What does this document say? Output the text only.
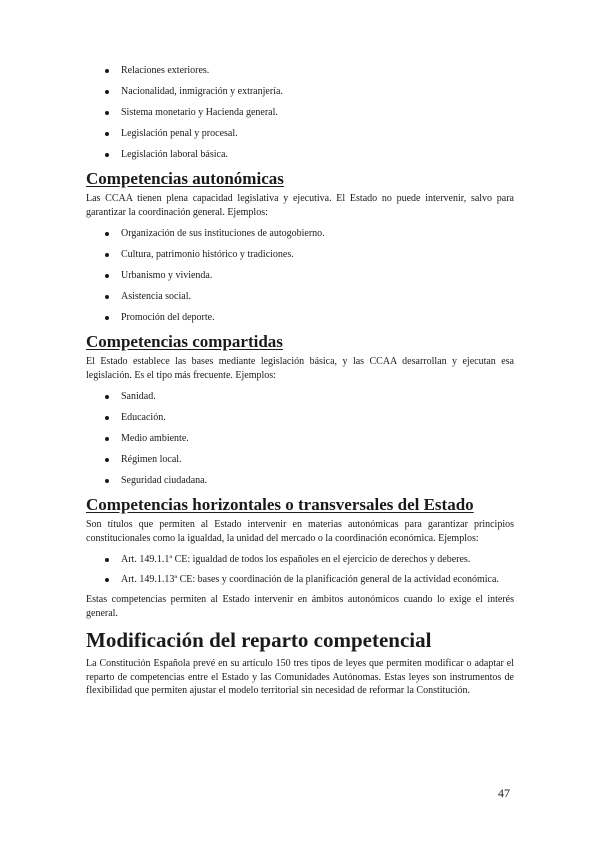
Relaciones exteriores.
Nacionalidad, inmigración y extranjería.
Sistema monetario y Hacienda general.
Legislación penal y procesal.
Legislación laboral básica.
Competencias autonómicas

Las CCAA tienen plena capacidad legislativa y ejecutiva. El Estado no puede intervenir, salvo para garantizar la coordinación general. Ejemplos:

Organización de sus instituciones de autogobierno.
Cultura, patrimonio histórico y tradiciones.
Urbanismo y vivienda.
Asistencia social.
Promoción del deporte.
Competencias compartidas

El Estado establece las bases mediante legislación básica, y las CCAA desarrollan y ejecutan esa legislación. Es el tipo más frecuente. Ejemplos:

Sanidad.
Educación.
Medio ambiente.
Régimen local.
Seguridad ciudadana.
Competencias horizontales o transversales del Estado

Son títulos que permiten al Estado intervenir en materias autonómicas para garantizar principios constitucionales como la igualdad, la unidad del mercado o la coordinación económica. Ejemplos:

Art. 149.1.1ª CE: igualdad de todos los españoles en el ejercicio de derechos y deberes.
Art. 149.1.13ª CE: bases y coordinación de la planificación general de la actividad económica.

Estas competencias permiten al Estado intervenir en ámbitos autonómicos cuando lo exige el interés general.

Modificación del reparto competencial

La Constitución Española prevé en su artículo 150 tres tipos de leyes que permiten modificar o adaptar el reparto de competencias entre el Estado y las Comunidades Autónomas. Estas leyes son instrumentos de flexibilidad que permiten ajustar el modelo territorial sin necesidad de reformar la Constitución.

47
